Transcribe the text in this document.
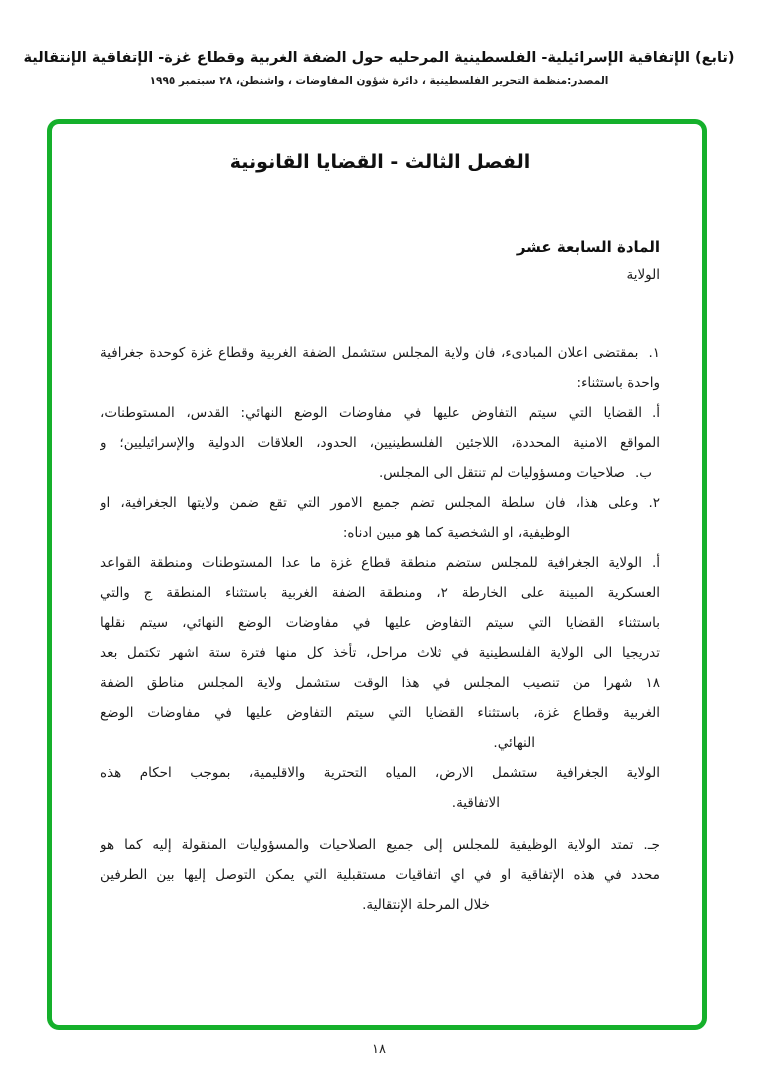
(تابع) الإتفاقية الإسرائيلية- الفلسطينية المرحليه حول الضفة الغربية وقطاع غزة- الإتفاقية الإنتقالية
المصدر:منظمة التحرير الفلسطينية ، دائرة شؤون المفاوضات ، واشنطن، ٢٨ سبتمبر ١٩٩٥
الفصل الثالث - القضايا القانونية
المادة السابعة عشر
الولاية
١.
بمقتضى اعلان المبادىء، فان ولاية المجلس ستشمل الضفة الغربية وقطاع غزة كوحدة جغرافية
واحدة باستثناء:
أ.
القضايا التي سيتم التفاوض عليها في مفاوضات الوضع النهائي: القدس، المستوطنات،
المواقع الامنية المحددة، اللاجئين الفلسطينيين، الحدود، العلاقات الدولية والإسرائيليين؛ و
ب.
صلاحيات ومسؤوليات لم تنتقل الى المجلس.
٢.
وعلى هذا، فان سلطة المجلس تضم جميع الامور التي تقع ضمن ولايتها الجغرافية، او
الوظيفية، او الشخصية كما هو مبين ادناه:
أ.
الولاية الجغرافية للمجلس ستضم منطقة قطاع غزة ما عدا المستوطنات ومنطقة القواعد
العسكرية المبينة على الخارطة ٢، ومنطقة الضفة الغربية باستثناء المنطقة ج والتي
باستثناء القضايا التي سيتم التفاوض عليها في مفاوضات الوضع النهائي، سيتم نقلها
تدريجيا الى الولاية الفلسطينية في ثلاث مراحل، تأخذ كل منها فترة ستة اشهر تكتمل بعد
١٨ شهرا من تنصيب المجلس في هذا الوقت ستشمل ولاية المجلس مناطق الضفة
الغربية وقطاع غزة، باستثناء القضايا التي سيتم التفاوض عليها في مفاوضات الوضع
النهائي.
الولاية الجغرافية ستشمل الارض، المياه التحترية والاقليمية، بموجب احكام هذه
الاتفاقية.
جـ.
تمتد الولاية الوظيفية للمجلس إلى جميع الصلاحيات والمسؤوليات المنقولة إليه كما هو
محدد في هذه الإتفاقية او في اي اتفاقيات مستقبلية التي يمكن التوصل إليها بين الطرفين
خلال المرحلة الإنتقالية.
١٨
